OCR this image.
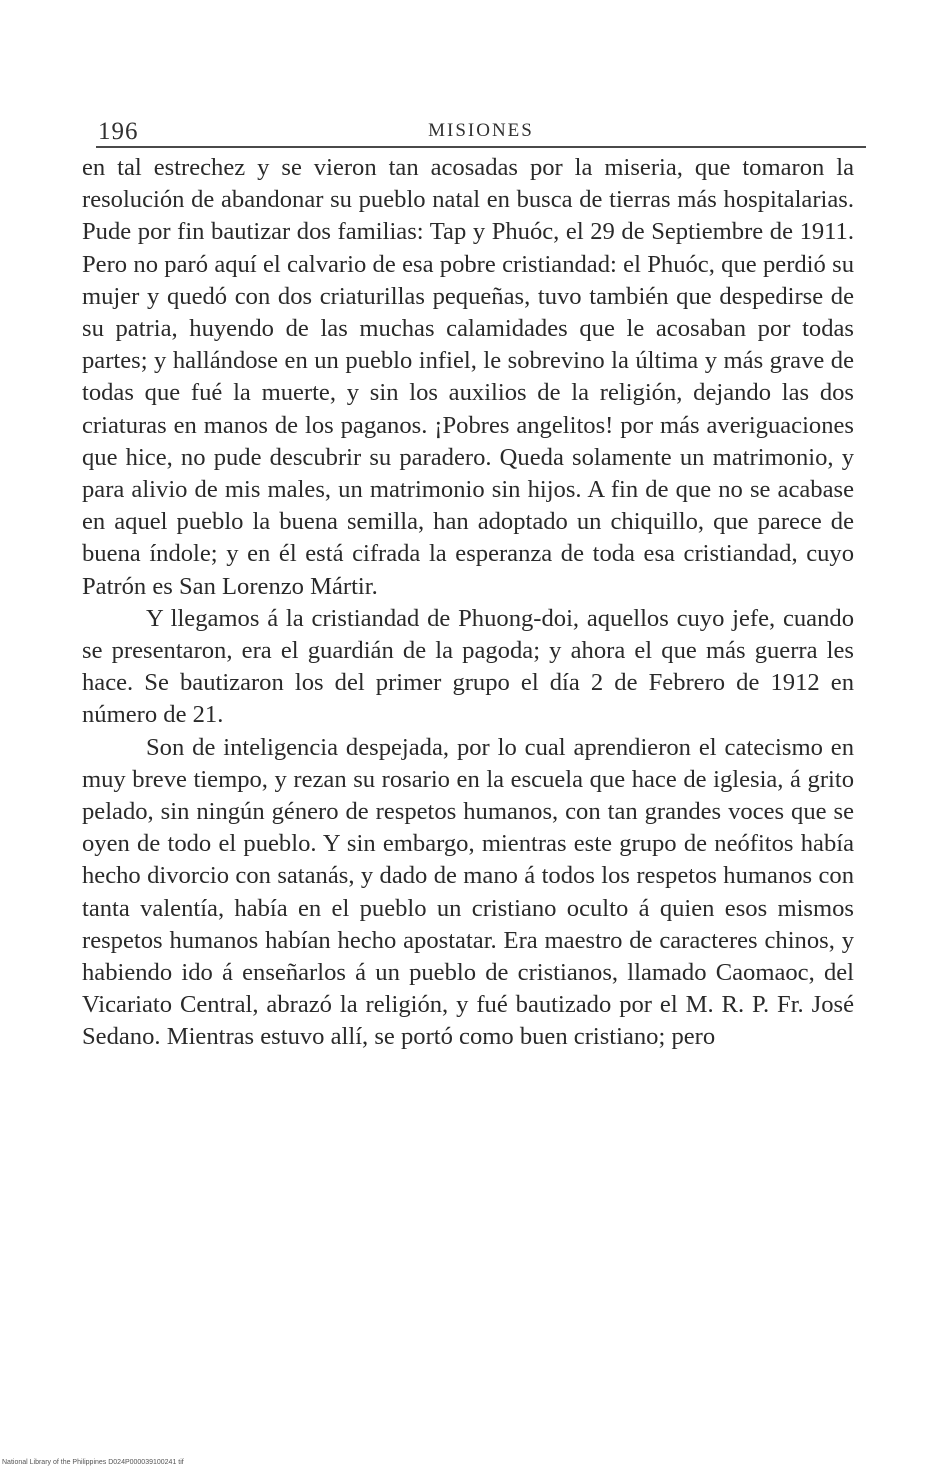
196	MISIONES

en tal estrechez y se vieron tan acosadas por la miseria, que tomaron la resolución de abandonar su pueblo natal en busca de tierras más hospitalarias. Pude por fin bautizar dos familias: Tap y Phuóc, el 29 de Septiembre de 1911. Pero no paró aquí el calvario de esa pobre cristiandad: el Phuóc, que perdió su mujer y quedó con dos criaturillas pequeñas, tuvo también que despedirse de su patria, huyendo de las muchas calamidades que le acosaban por todas partes; y hallándose en un pueblo infiel, le sobrevino la última y más grave de todas que fué la muerte, y sin los auxilios de la religión, dejando las dos criaturas en manos de los paganos. ¡Pobres angelitos! por más averiguaciones que hice, no pude descubrir su paradero. Queda solamente un matrimonio, y para alivio de mis males, un matrimonio sin hijos. A fin de que no se acabase en aquel pueblo la buena semilla, han adoptado un chiquillo, que parece de buena índole; y en él está cifrada la esperanza de toda esa cristiandad, cuyo Patrón es San Lorenzo Mártir.

Y llegamos á la cristiandad de Phuong-doi, aquellos cuyo jefe, cuando se presentaron, era el guardián de la pagoda; y ahora el que más guerra les hace. Se bautizaron los del primer grupo el día 2 de Febrero de 1912 en número de 21.

Son de inteligencia despejada, por lo cual aprendieron el catecismo en muy breve tiempo, y rezan su rosario en la escuela que hace de iglesia, á grito pelado, sin ningún género de respetos humanos, con tan grandes voces que se oyen de todo el pueblo. Y sin embargo, mientras este grupo de neófitos había hecho divorcio con satanás, y dado de mano á todos los respetos humanos con tanta valentía, había en el pueblo un cristiano oculto á quien esos mismos respetos humanos habían hecho apostatar. Era maestro de caracteres chinos, y habiendo ido á enseñarlos á un pueblo de cristianos, llamado Caomaoc, del Vicariato Central, abrazó la religión, y fué bautizado por el M. R. P. Fr. José Sedano. Mientras estuvo allí, se portó como buen cristiano; pero

National Library of the Philippines D024P000039100241 tif
